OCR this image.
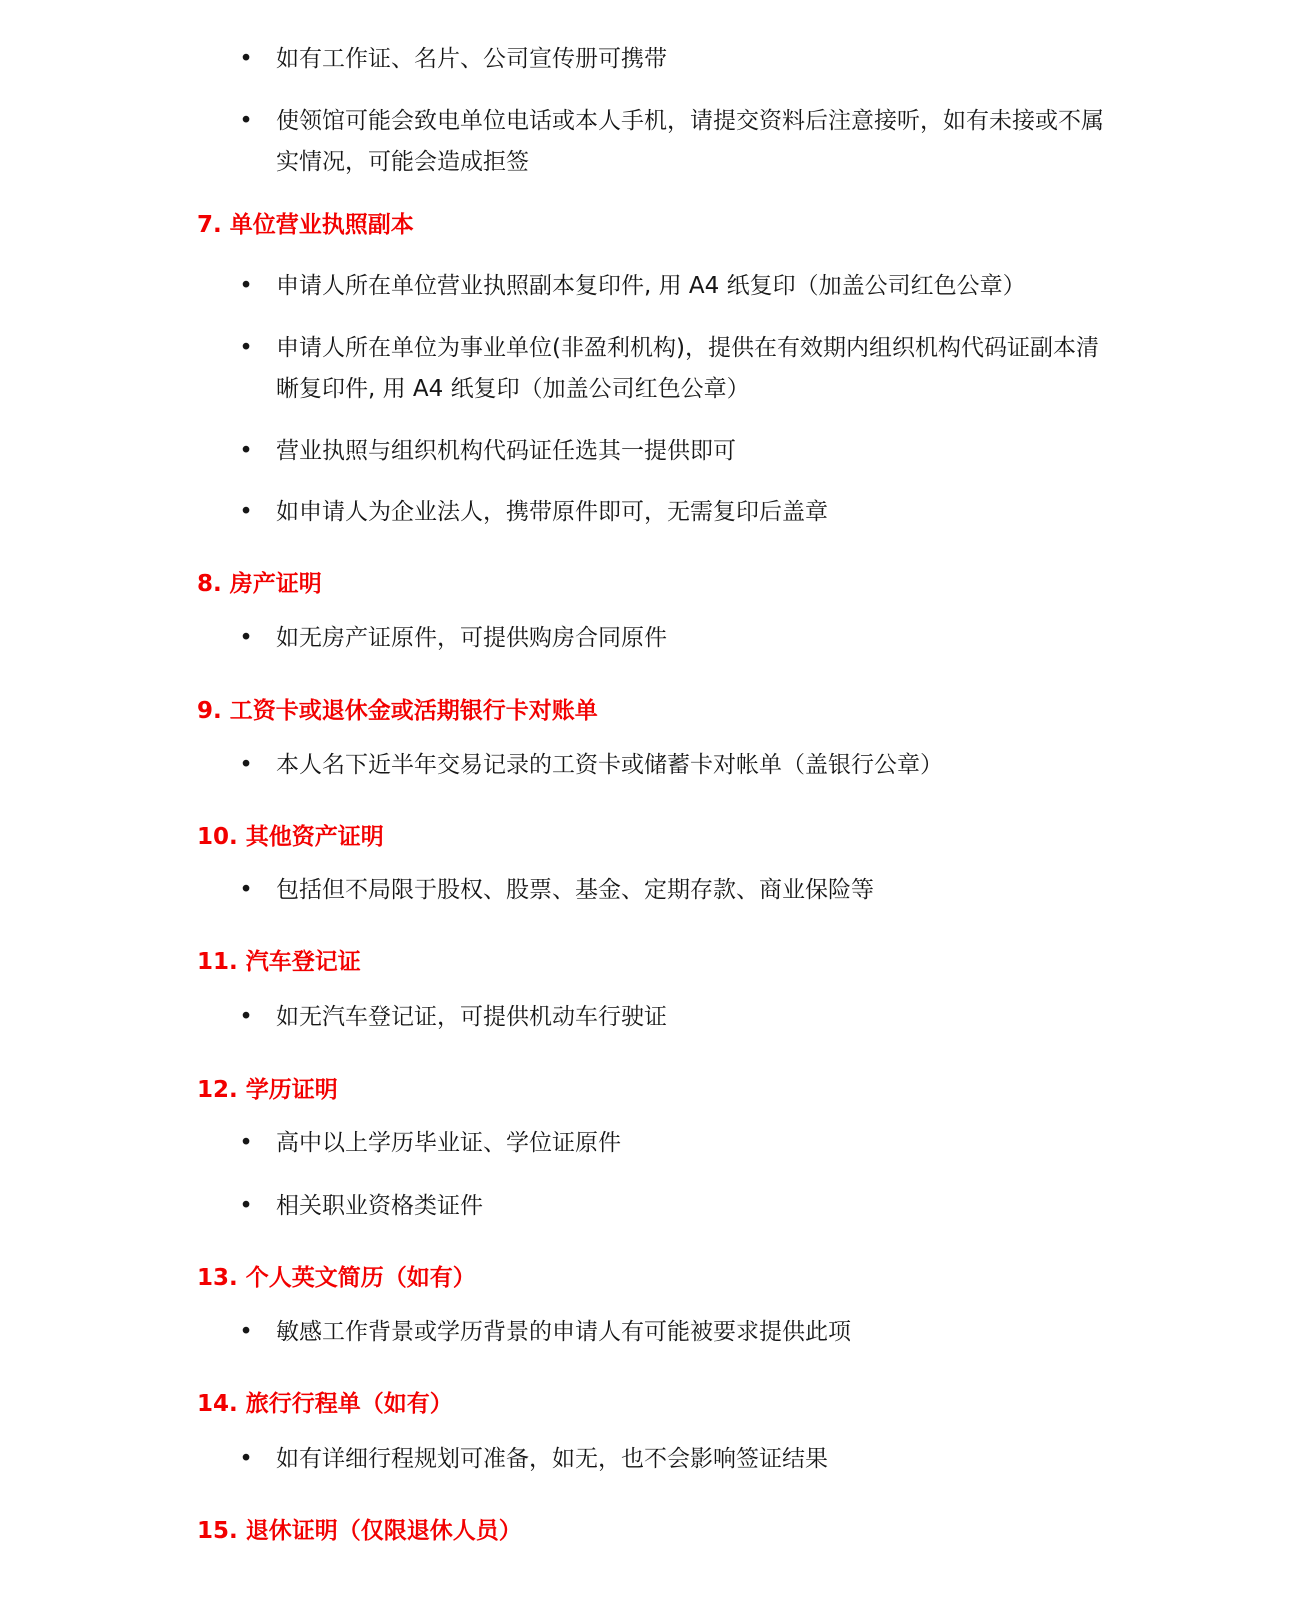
• 如有工作证、名片、公司宣传册可携带
• 使领馆可能会致电单位电话或本人手机，请提交资料后注意接听，如有未接或不属实情况，可能会造成拒签
7. 单位营业执照副本
• 申请人所在单位营业执照副本复印件, 用 A4 纸复印（加盖公司红色公章）
• 申请人所在单位为事业单位(非盈利机构)，提供在有效期内组织机构代码证副本清晰复印件, 用 A4 纸复印（加盖公司红色公章）
• 营业执照与组织机构代码证任选其一提供即可
• 如申请人为企业法人，携带原件即可，无需复印后盖章
8. 房产证明
• 如无房产证原件，可提供购房合同原件
9. 工资卡或退休金或活期银行卡对账单
• 本人名下近半年交易记录的工资卡或储蓄卡对帐单（盖银行公章）
10. 其他资产证明
• 包括但不局限于股权、股票、基金、定期存款、商业保险等
11. 汽车登记证
• 如无汽车登记证，可提供机动车行驶证
12. 学历证明
• 高中以上学历毕业证、学位证原件
• 相关职业资格类证件
13. 个人英文简历（如有）
• 敏感工作背景或学历背景的申请人有可能被要求提供此项
14. 旅行行程单（如有）
• 如有详细行程规划可准备，如无，也不会影响签证结果
15. 退休证明（仅限退休人员）
